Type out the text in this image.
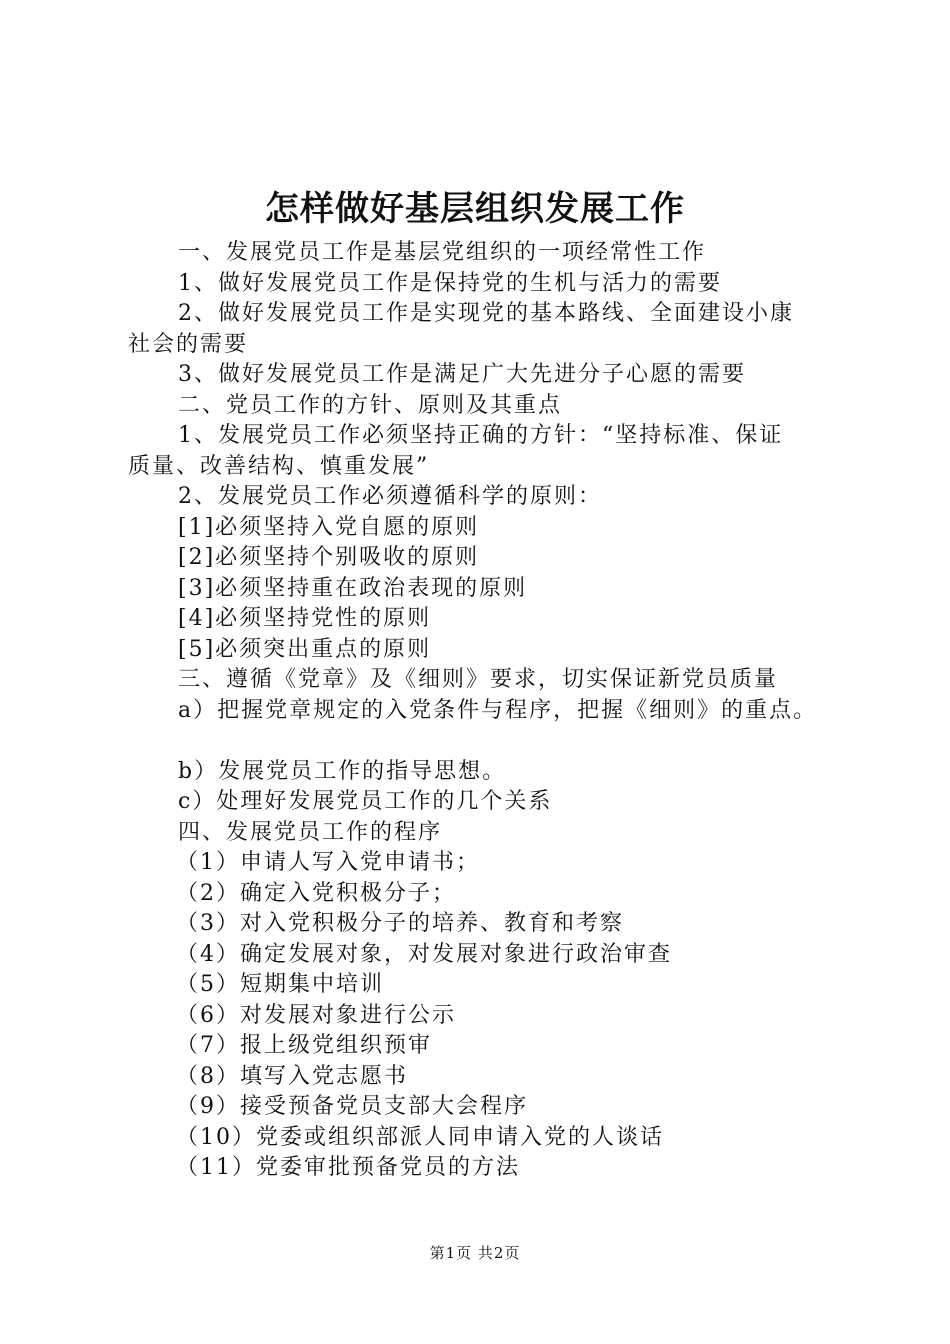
怎样做好基层组织发展工作
一、发展党员工作是基层党组织的一项经常性工作
1、做好发展党员工作是保持党的生机与活力的需要
2、做好发展党员工作是实现党的基本路线、全面建设小康
社会的需要
3、做好发展党员工作是满足广大先进分子心愿的需要
二、党员工作的方针、原则及其重点
1、发展党员工作必须坚持正确的方针：“坚持标准、保证
质量、改善结构、慎重发展”
2、发展党员工作必须遵循科学的原则：
[1]必须坚持入党自愿的原则
[2]必须坚持个别吸收的原则
[3]必须坚持重在政治表现的原则
[4]必须坚持党性的原则
[5]必须突出重点的原则
三、遵循《党章》及《细则》要求，切实保证新党员质量
a）把握党章规定的入党条件与程序，把握《细则》的重点。
b）发展党员工作的指导思想。
c）处理好发展党员工作的几个关系
四、发展党员工作的程序
（1）申请人写入党申请书；
（2）确定入党积极分子；
（3）对入党积极分子的培养、教育和考察
（4）确定发展对象，对发展对象进行政治审查
（5）短期集中培训
（6）对发展对象进行公示
（7）报上级党组织预审
（8）填写入党志愿书
（9）接受预备党员支部大会程序
（10）党委或组织部派人同申请入党的人谈话
（11）党委审批预备党员的方法
第1页 共2页
